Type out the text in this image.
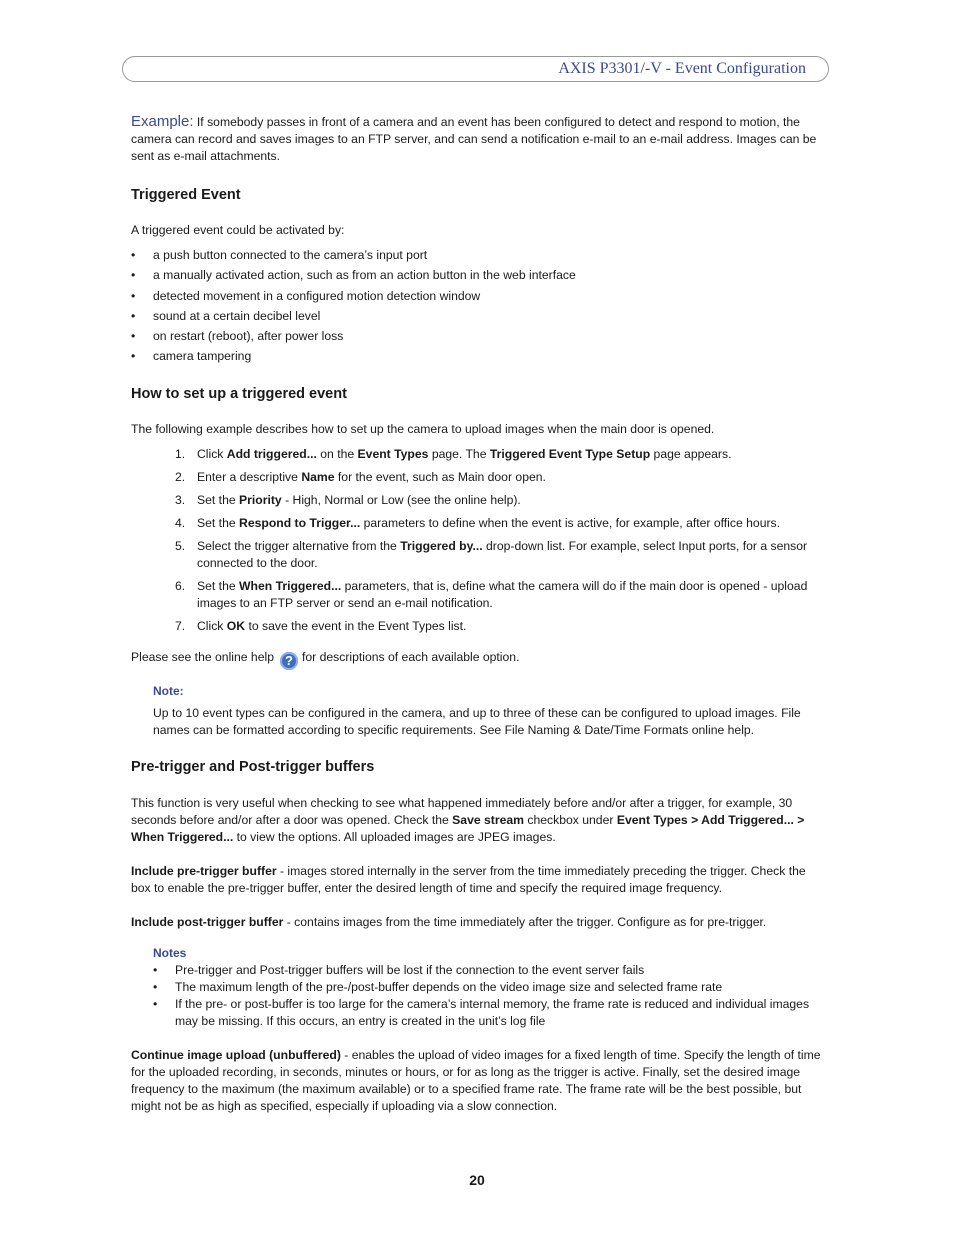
AXIS P3301/-V - Event Configuration

Example: If somebody passes in front of a camera and an event has been configured to detect and respond to motion, the camera can record and saves images to an FTP server, and can send a notification e-mail to an e-mail address. Images can be sent as e-mail attachments.

Triggered Event

A triggered event could be activated by:

• a push button connected to the camera’s input port
• a manually activated action, such as from an action button in the web interface
• detected movement in a configured motion detection window
• sound at a certain decibel level
• on restart (reboot), after power loss
• camera tampering
How to set up a triggered event

The following example describes how to set up the camera to upload images when the main door is opened.

1. Click Add triggered... on the Event Types page. The Triggered Event Type Setup page appears.
2. Enter a descriptive Name for the event, such as Main door open.
3. Set the Priority - High, Normal or Low (see the online help).
4. Set the Respond to Trigger... parameters to define when the event is active, for example, after office hours.
5. Select the trigger alternative from the Triggered by... drop-down list. For example, select Input ports, for a sensor connected to the door.
6. Set the When Triggered... parameters, that is, define what the camera will do if the main door is opened - upload images to an FTP server or send an e-mail notification.
7. Click OK to save the event in the Event Types list.

Please see the online help ? for descriptions of each available option.

Note:

Up to 10 event types can be configured in the camera, and up to three of these can be configured to upload images. File names can be formatted according to specific requirements. See File Naming & Date/Time Formats online help.

Pre-trigger and Post-trigger buffers

This function is very useful when checking to see what happened immediately before and/or after a trigger, for example, 30 seconds before and/or after a door was opened. Check the Save stream checkbox under Event Types > Add Triggered... > When Triggered... to view the options. All uploaded images are JPEG images.

Include pre-trigger buffer - images stored internally in the server from the time immediately preceding the trigger. Check the box to enable the pre-trigger buffer, enter the desired length of time and specify the required image frequency.

Include post-trigger buffer - contains images from the time immediately after the trigger. Configure as for pre-trigger.

Notes
• Pre-trigger and Post-trigger buffers will be lost if the connection to the event server fails
• The maximum length of the pre-/post-buffer depends on the video image size and selected frame rate
• If the pre- or post-buffer is too large for the camera’s internal memory, the frame rate is reduced and individual images may be missing. If this occurs, an entry is created in the unit’s log file

Continue image upload (unbuffered) - enables the upload of video images for a fixed length of time. Specify the length of time for the uploaded recording, in seconds, minutes or hours, or for as long as the trigger is active. Finally, set the desired image frequency to the maximum (the maximum available) or to a specified frame rate. The frame rate will be the best possible, but might not be as high as specified, especially if uploading via a slow connection.

20
